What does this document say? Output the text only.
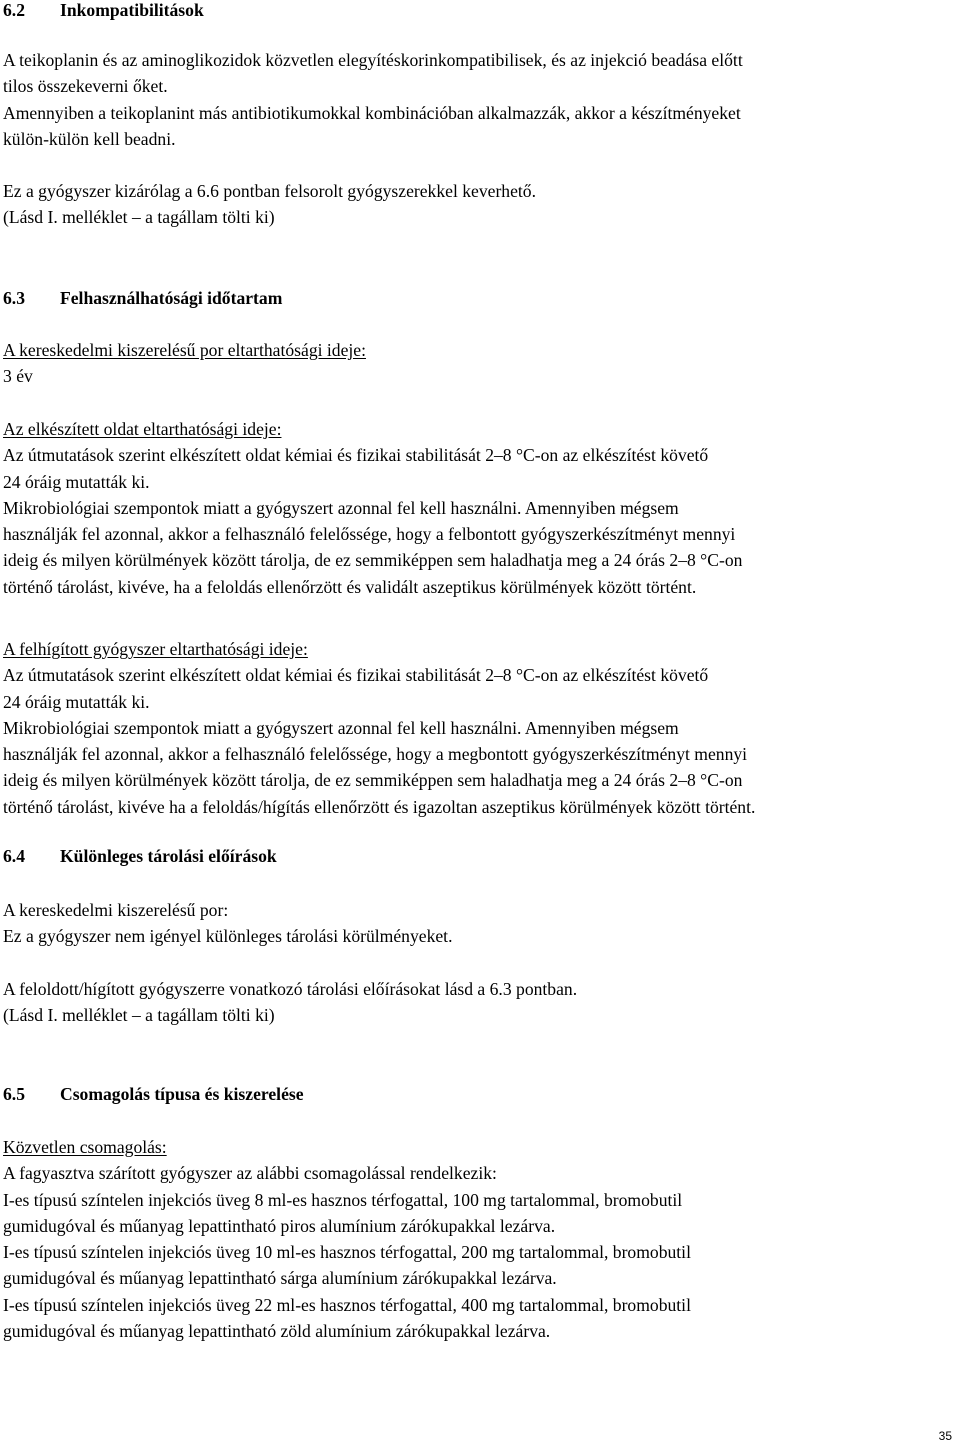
6.2 Inkompatibilitások
A teikoplanin és az aminoglikozidok közvetlen elegyítéskorinkompatibilisek, és az injekció beadása előtt
tilos összekeverni őket.
Amennyiben a teikoplanint más antibiotikumokkal kombinációban alkalmazzák, akkor a készítményeket
külön-külön kell beadni.
Ez a gyógyszer kizárólag a 6.6 pontban felsorolt gyógyszerekkel keverhető.
(Lásd I. melléklet – a tagállam tölti ki)
6.3 Felhasználhatósági időtartam
A kereskedelmi kiszerelésű por eltarthatósági ideje:
3 év
Az elkészített oldat eltarthatósági ideje:
Az útmutatások szerint elkészített oldat kémiai és fizikai stabilitását 2–8 °C-on az elkészítést követő
24 óráig mutatták ki.
Mikrobiológiai szempontok miatt a gyógyszert azonnal fel kell használni. Amennyiben mégsem
használják fel azonnal, akkor a felhasználó felelőssége, hogy a felbontott gyógyszerkészítményt mennyi
ideig és milyen körülmények között tárolja, de ez semmiképpen sem haladhatja meg a 24 órás 2–8 °C-on
történő tárolást, kivéve, ha a feloldás ellenőrzött és validált aszeptikus körülmények között történt.
A felhígított gyógyszer eltarthatósági ideje:
Az útmutatások szerint elkészített oldat kémiai és fizikai stabilitását 2–8 °C-on az elkészítést követő
24 óráig mutatták ki.
Mikrobiológiai szempontok miatt a gyógyszert azonnal fel kell használni. Amennyiben mégsem
használják fel azonnal, akkor a felhasználó felelőssége, hogy a megbontott gyógyszerkészítményt mennyi
ideig és milyen körülmények között tárolja, de ez semmiképpen sem haladhatja meg a 24 órás 2–8 °C-on
történő tárolást, kivéve ha a feloldás/hígítás ellenőrzött és igazoltan aszeptikus körülmények között történt.
6.4 Különleges tárolási előírások
A kereskedelmi kiszerelésű por:
Ez a gyógyszer nem igényel különleges tárolási körülményeket.
A feloldott/hígított gyógyszerre vonatkozó tárolási előírásokat lásd a 6.3 pontban.
(Lásd I. melléklet – a tagállam tölti ki)
6.5 Csomagolás típusa és kiszerelése
Közvetlen csomagolás:
A fagyasztva szárított gyógyszer az alábbi csomagolással rendelkezik:
I-es típusú színtelen injekciós üveg 8 ml-es hasznos térfogattal, 100 mg tartalommal, bromobutil
gumidugóval és műanyag lepattintható piros alumínium zárókupakkal lezárva.
I-es típusú színtelen injekciós üveg 10 ml-es hasznos térfogattal, 200 mg tartalommal, bromobutil
gumidugóval és műanyag lepattintható sárga alumínium zárókupakkal lezárva.
I-es típusú színtelen injekciós üveg 22 ml-es hasznos térfogattal, 400 mg tartalommal, bromobutil
gumidugóval és műanyag lepattintható zöld alumínium zárókupakkal lezárva.
35
